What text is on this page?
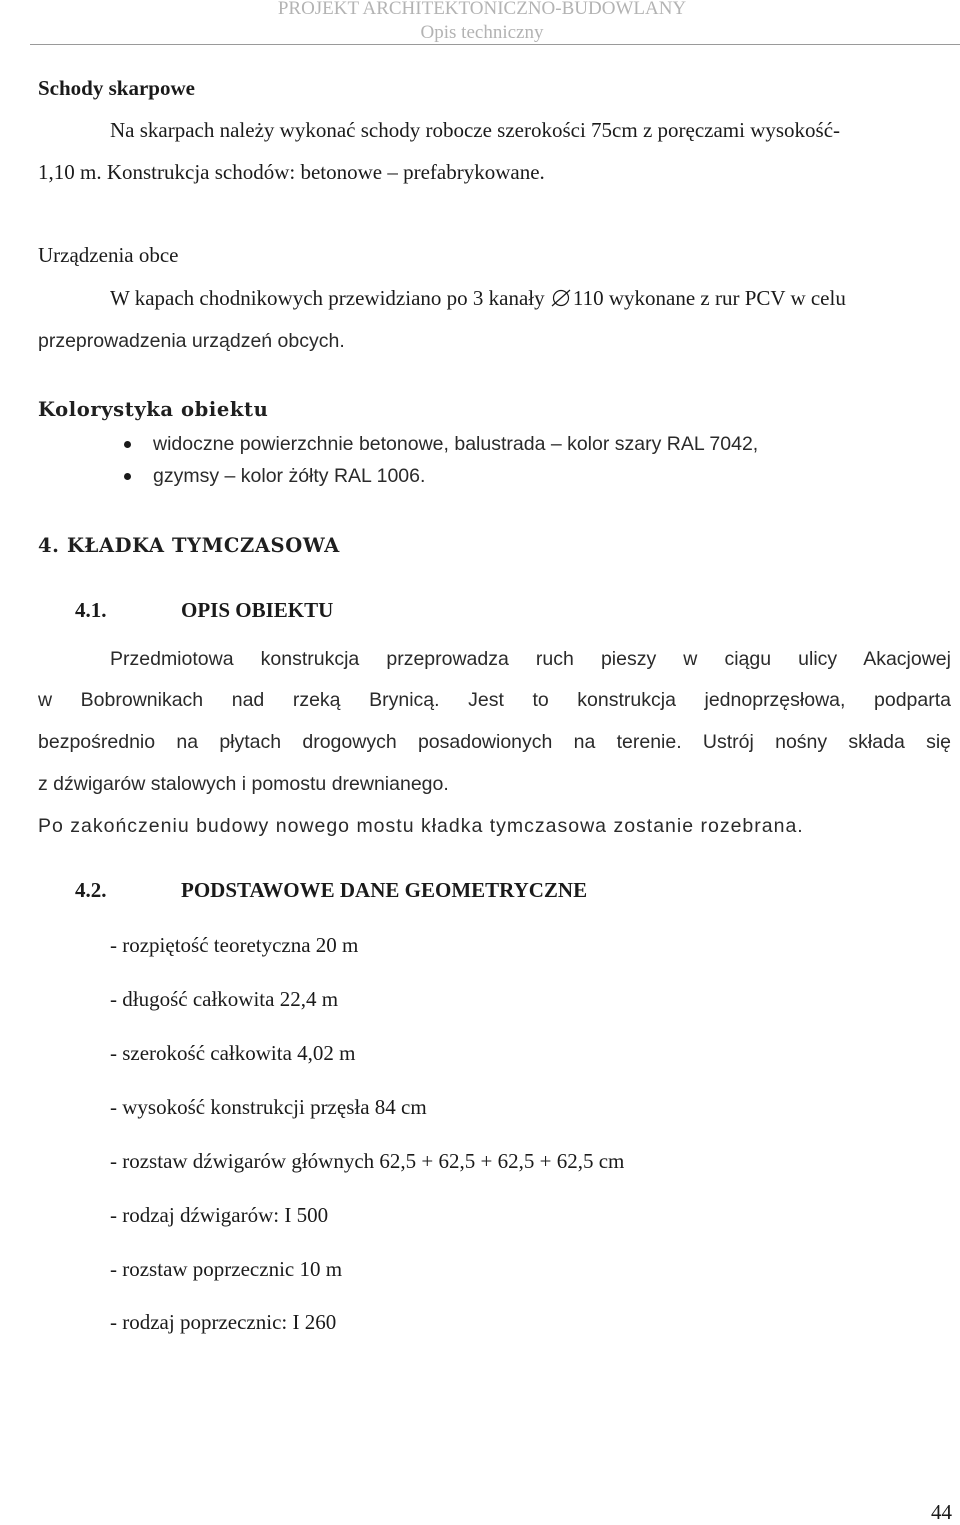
PROJEKT ARCHITEKTONICZNO-BUDOWLANY
Opis techniczny
Schody skarpowe
Na skarpach należy wykonać schody robocze szerokości 75cm z poręczami wysokość-
1,10 m. Konstrukcja schodów: betonowe – prefabrykowane.
Urządzenia obce
W kapach chodnikowych przewidziano po 3 kanały 110 wykonane z rur PCV w celu
przeprowadzenia urządzeń obcych.
Kolorystyka obiektu
widoczne powierzchnie betonowe, balustrada – kolor szary RAL 7042,
gzymsy – kolor żółty RAL 1006.
4. KŁADKA TYMCZASOWA
4.1.	OPIS OBIEKTU
Przedmiotowa konstrukcja przeprowadza ruch pieszy w ciągu ulicy Akacjowej
w Bobrownikach nad rzeką Brynicą. Jest to konstrukcja jednoprzęsłowa, podparta
bezpośrednio na płytach drogowych posadowionych na terenie. Ustrój nośny składa się
z dźwigarów stalowych i pomostu drewnianego.
Po zakończeniu budowy nowego mostu kładka tymczasowa zostanie rozebrana.
4.2.	PODSTAWOWE DANE GEOMETRYCZNE
- rozpiętość teoretyczna 20 m
- długość całkowita 22,4 m
- szerokość całkowita 4,02 m
- wysokość konstrukcji przęsła 84 cm
- rozstaw dźwigarów głównych 62,5 + 62,5 + 62,5 + 62,5 cm
- rodzaj dźwigarów: I 500
- rozstaw poprzecznic 10 m
- rodzaj poprzecznic: I 260
44
